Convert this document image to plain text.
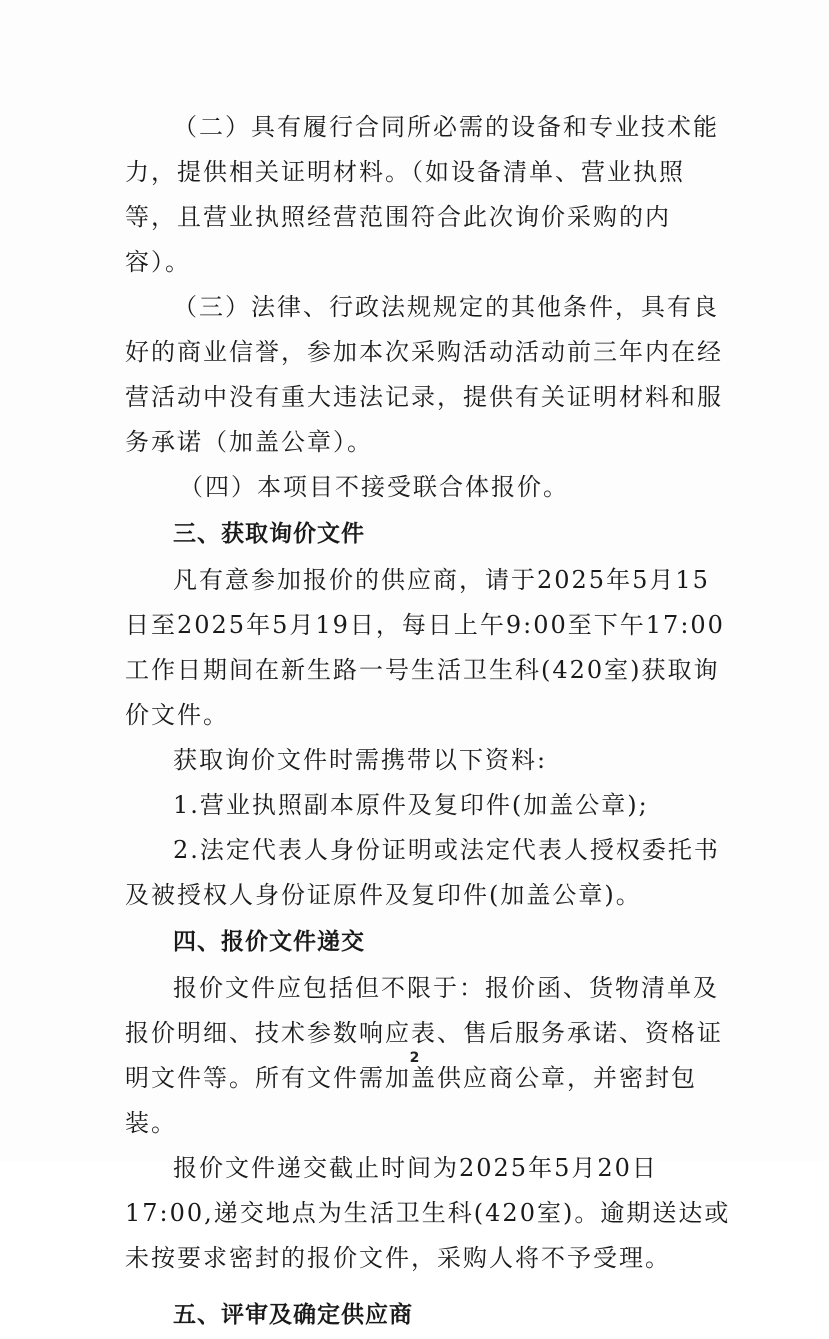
（二）具有履行合同所必需的设备和专业技术能力，提供相关证明材料。（如设备清单、营业执照等，且营业执照经营范围符合此次询价采购的内容）。

（三）法律、行政法规规定的其他条件，具有良好的商业信誉，参加本次采购活动活动前三年内在经营活动中没有重大违法记录，提供有关证明材料和服务承诺（加盖公章）。

（四）本项目不接受联合体报价。

三、获取询价文件

凡有意参加报价的供应商，请于2025年5月15日至2025年5月19日，每日上午9:00至下午17:00工作日期间在新生路一号生活卫生科(420室)获取询价文件。

获取询价文件时需携带以下资料:

1.营业执照副本原件及复印件(加盖公章);

2.法定代表人身份证明或法定代表人授权委托书及被授权人身份证原件及复印件(加盖公章)。

四、报价文件递交

报价文件应包括但不限于：报价函、货物清单及报价明细、技术参数响应表、售后服务承诺、资格证明文件等。所有文件需加盖供应商公章，并密封包装。

报价文件递交截止时间为2025年5月20日17:00,递交地点为生活卫生科(420室)。逾期送达或未按要求密封的报价文件，采购人将不予受理。

五、评审及确定供应商

2
